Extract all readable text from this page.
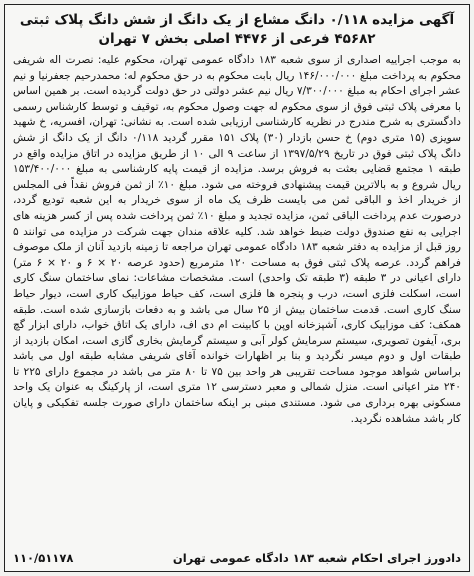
آگهی مزایده ۰/۱۱۸ دانگ مشاع از یک دانگ از شش دانگ پلاک ثبتی ۴۵۶۸۲ فرعی از ۴۴۷۶ اصلی بخش ۷ تهران

به موجب اجراییه اصداری از سوی شعبه ۱۸۳ دادگاه عمومی تهران، محکوم علیه: نصرت اله شریفی محکوم به پرداخت مبلغ ۱۴۶/۰۰۰/۰۰۰ ریال بابت محکوم به در حق محکوم له: محمدرحیم جعفرنیا و نیم عشر اجرای احکام به مبلغ ۷/۳۰۰/۰۰۰ ریال نیم عشر دولتی در حق دولت گردیده است. بر همین اساس با معرفی پلاک ثبتی فوق از سوی محکوم له جهت وصول محکوم به، توقیف و توسط کارشناس رسمی دادگستری به شرح مندرج در نظریه کارشناسی ارزیابی شده است. به نشانی: تهران، افسریه، خ شهید سویزی (۱۵ متری دوم) خ حسن بازدار (۳۰) پلاک ۱۵۱ مقرر گردید ۰/۱۱۸ دانگ از یک دانگ از شش دانگ پلاک ثبتی فوق در تاریخ ۱۳۹۷/۵/۲۹ از ساعت ۹ الی ۱۰ از طریق مزایده در اتاق مزایده واقع در طبقه ۱ مجتمع قضایی بعثت به فروش برسد. مزایده از قیمت پایه کارشناسی به مبلغ ۱۵۳/۴۰۰/۰۰۰ ریال شروع و به بالاترین قیمت پیشنهادی فروخته می شود. مبلغ ۱۰٪ از ثمن فروش نقداً فی المجلس از خریدار اخذ و الباقی ثمن می بایست ظرف یک ماه از سوی خریدار به این شعبه تودیع گردد، درصورت عدم پرداخت الباقی ثمن، مزایده تجدید و مبلغ ۱۰٪ ثمن پرداخت شده پس از کسر هزینه های اجرایی به نفع صندوق دولت ضبط خواهد شد. کلیه علاقه مندان جهت شرکت در مزایده می توانند ۵ روز قبل از مزایده به دفتر شعبه ۱۸۳ دادگاه عمومی تهران مراجعه تا زمینه بازدید آنان از ملک موصوف فراهم گردد. عرصه پلاک ثبتی فوق به مساحت ۱۲۰ مترمربع (حدود عرصه ۲۰ × ۶ و ۲۰ × ۶ متر) دارای اعیانی در ۳ طبقه (۳ طبقه تک واحدی) است. مشخصات مشاعات: نمای ساختمان سنگ کاری است، اسکلت فلزی است، درب و پنجره ها فلزی است، کف حیاط موزاییک کاری است، دیوار حیاط سنگ کاری است. قدمت ساختمان بیش از ۲۵ سال می باشد و به دفعات بازسازی شده است. طبقه همکف: کف موزاییک کاری، آشپزخانه اوپن با کابینت ام دی اف، دارای یک اتاق خواب، دارای ابزار گچ بری، آیفون تصویری، سیستم سرمایش کولر آبی و سیستم گرمایش بخاری گازی است، امکان بازدید از طبقات اول و دوم میسر نگردید و بنا بر اظهارات خوانده آقای شریفی مشابه طبقه اول می باشد براساس شواهد موجود مساحت تقریبی هر واحد بین ۷۵ تا ۸۰ متر می باشد در مجموع دارای ۲۲۵ تا ۲۴۰ متر اعیانی است. منزل شمالی و معبر دسترسی ۱۲ متری است، از پارکینگ به عنوان یک واحد مسکونی بهره برداری می شود. مستندی مبنی بر اینکه ساختمان دارای صورت جلسه تفکیکی و پایان کار باشد مشاهده نگردید.

دادورز اجرای احکام شعبه ۱۸۳ دادگاه عمومی تهران
۱۱۰/۵۱۱۷۸
